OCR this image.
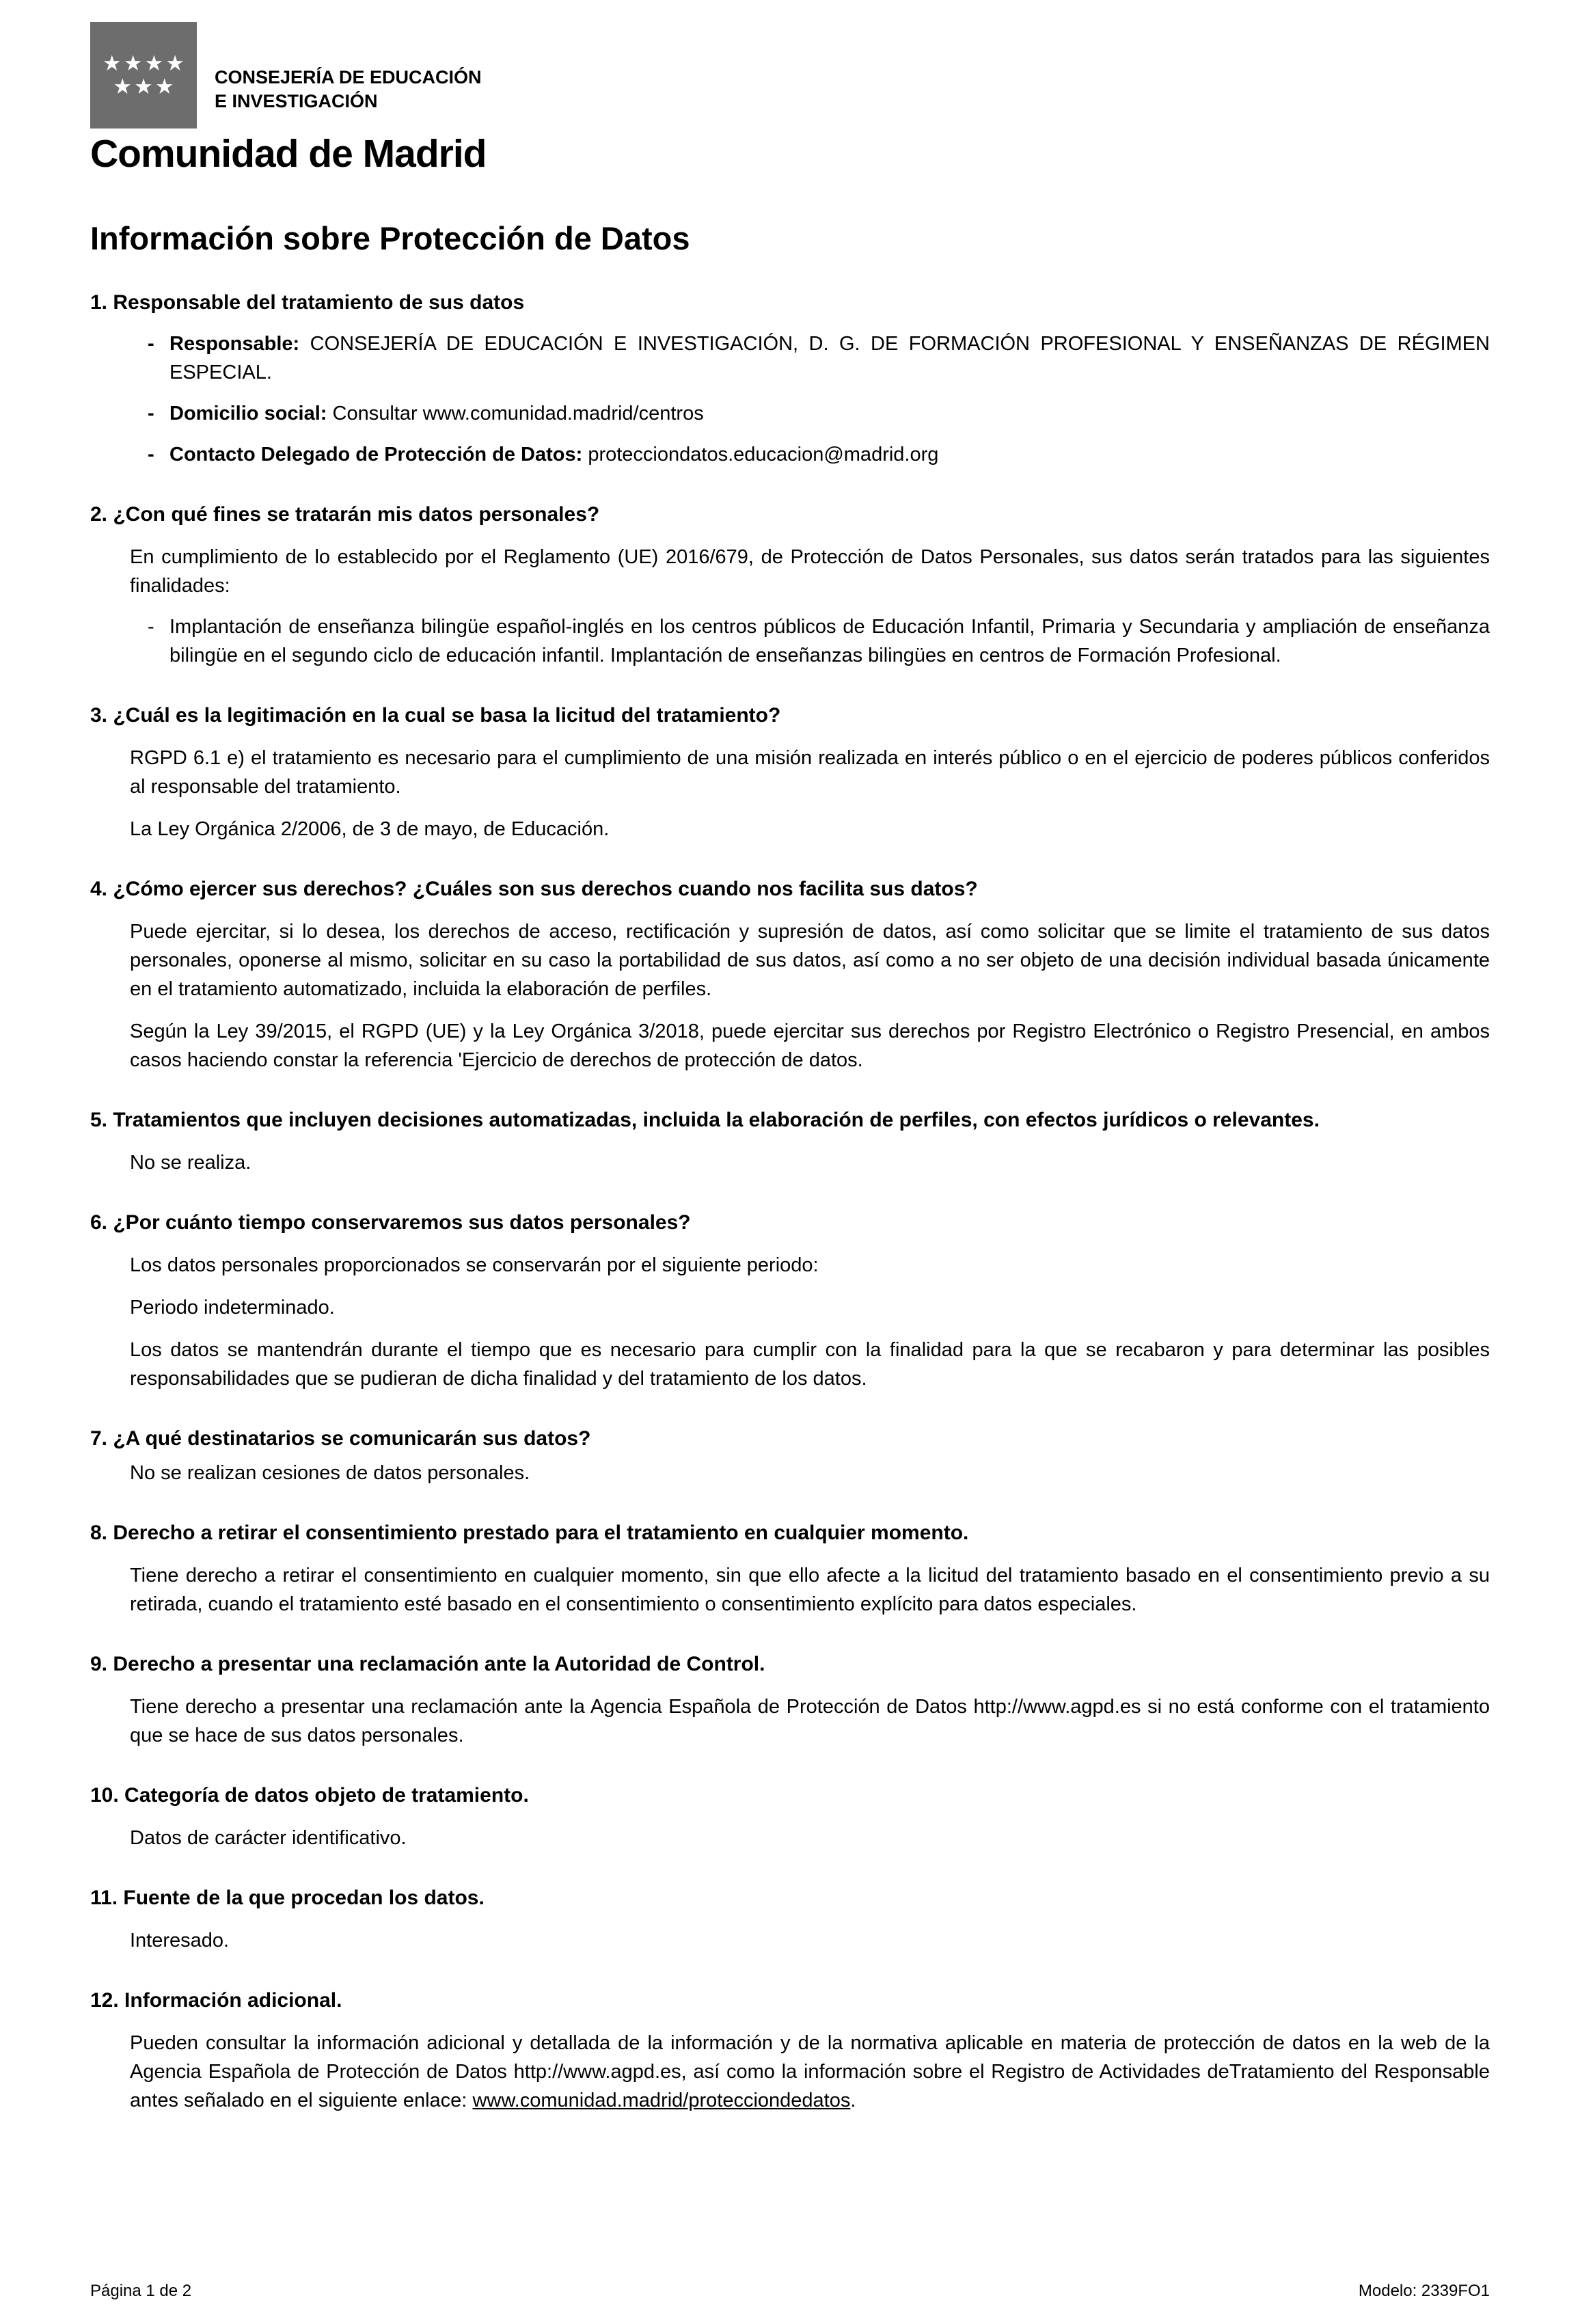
★★★★
★★★ CONSEJERÍA DE EDUCACIÓN
E INVESTIGACIÓN
Comunidad de Madrid
Información sobre Protección de Datos
1. Responsable del tratamiento de sus datos
- Responsable: CONSEJERÍA DE EDUCACIÓN E INVESTIGACIÓN, D. G. DE FORMACIÓN PROFESIONAL Y ENSEÑANZAS DE RÉGIMEN ESPECIAL.
- Domicilio social: Consultar www.comunidad.madrid/centros
- Contacto Delegado de Protección de Datos: protecciondatos.educacion@madrid.org
2. ¿Con qué fines se tratarán mis datos personales?

En cumplimiento de lo establecido por el Reglamento (UE) 2016/679, de Protección de Datos Personales, sus datos serán tratados para las siguientes finalidades:

- Implantación de enseñanza bilingüe español-inglés en los centros públicos de Educación Infantil, Primaria y Secundaria y ampliación de enseñanza bilingüe en el segundo ciclo de educación infantil. Implantación de enseñanzas bilingües en centros de Formación Profesional.
3. ¿Cuál es la legitimación en la cual se basa la licitud del tratamiento?

RGPD 6.1 e) el tratamiento es necesario para el cumplimiento de una misión realizada en interés público o en el ejercicio de poderes públicos conferidos al responsable del tratamiento.

La Ley Orgánica 2/2006, de 3 de mayo, de Educación.

4. ¿Cómo ejercer sus derechos? ¿Cuáles son sus derechos cuando nos facilita sus datos?

Puede ejercitar, si lo desea, los derechos de acceso, rectificación y supresión de datos, así como solicitar que se limite el tratamiento de sus datos personales, oponerse al mismo, solicitar en su caso la portabilidad de sus datos, así como a no ser objeto de una decisión individual basada únicamente en el tratamiento automatizado, incluida la elaboración de perfiles.

Según la Ley 39/2015, el RGPD (UE) y la Ley Orgánica 3/2018, puede ejercitar sus derechos por Registro Electrónico o Registro Presencial, en ambos casos haciendo constar la referencia 'Ejercicio de derechos de protección de datos.

5. Tratamientos que incluyen decisiones automatizadas, incluida la elaboración de perfiles, con efectos jurídicos o relevantes.

No se realiza.

6. ¿Por cuánto tiempo conservaremos sus datos personales?

Los datos personales proporcionados se conservarán por el siguiente periodo:

Periodo indeterminado.

Los datos se mantendrán durante el tiempo que es necesario para cumplir con la finalidad para la que se recabaron y para determinar las posibles responsabilidades que se pudieran de dicha finalidad y del tratamiento de los datos.

7. ¿A qué destinatarios se comunicarán sus datos?

No se realizan cesiones de datos personales.

8. Derecho a retirar el consentimiento prestado para el tratamiento en cualquier momento.

Tiene derecho a retirar el consentimiento en cualquier momento, sin que ello afecte a la licitud del tratamiento basado en el consentimiento previo a su retirada, cuando el tratamiento esté basado en el consentimiento o consentimiento explícito para datos especiales.

9. Derecho a presentar una reclamación ante la Autoridad de Control.

Tiene derecho a presentar una reclamación ante la Agencia Española de Protección de Datos http://www.agpd.es si no está conforme con el tratamiento que se hace de sus datos personales.

10. Categoría de datos objeto de tratamiento.

Datos de carácter identificativo.

11. Fuente de la que procedan los datos.

Interesado.

12. Información adicional.

Pueden consultar la información adicional y detallada de la información y de la normativa aplicable en materia de protección de datos en la web de la Agencia Española de Protección de Datos http://www.agpd.es, así como la información sobre el Registro de Actividades deTratamiento del Responsable antes señalado en el siguiente enlace: www.comunidad.madrid/protecciondedatos.

Página 1 de 2	Modelo: 2339FO1
